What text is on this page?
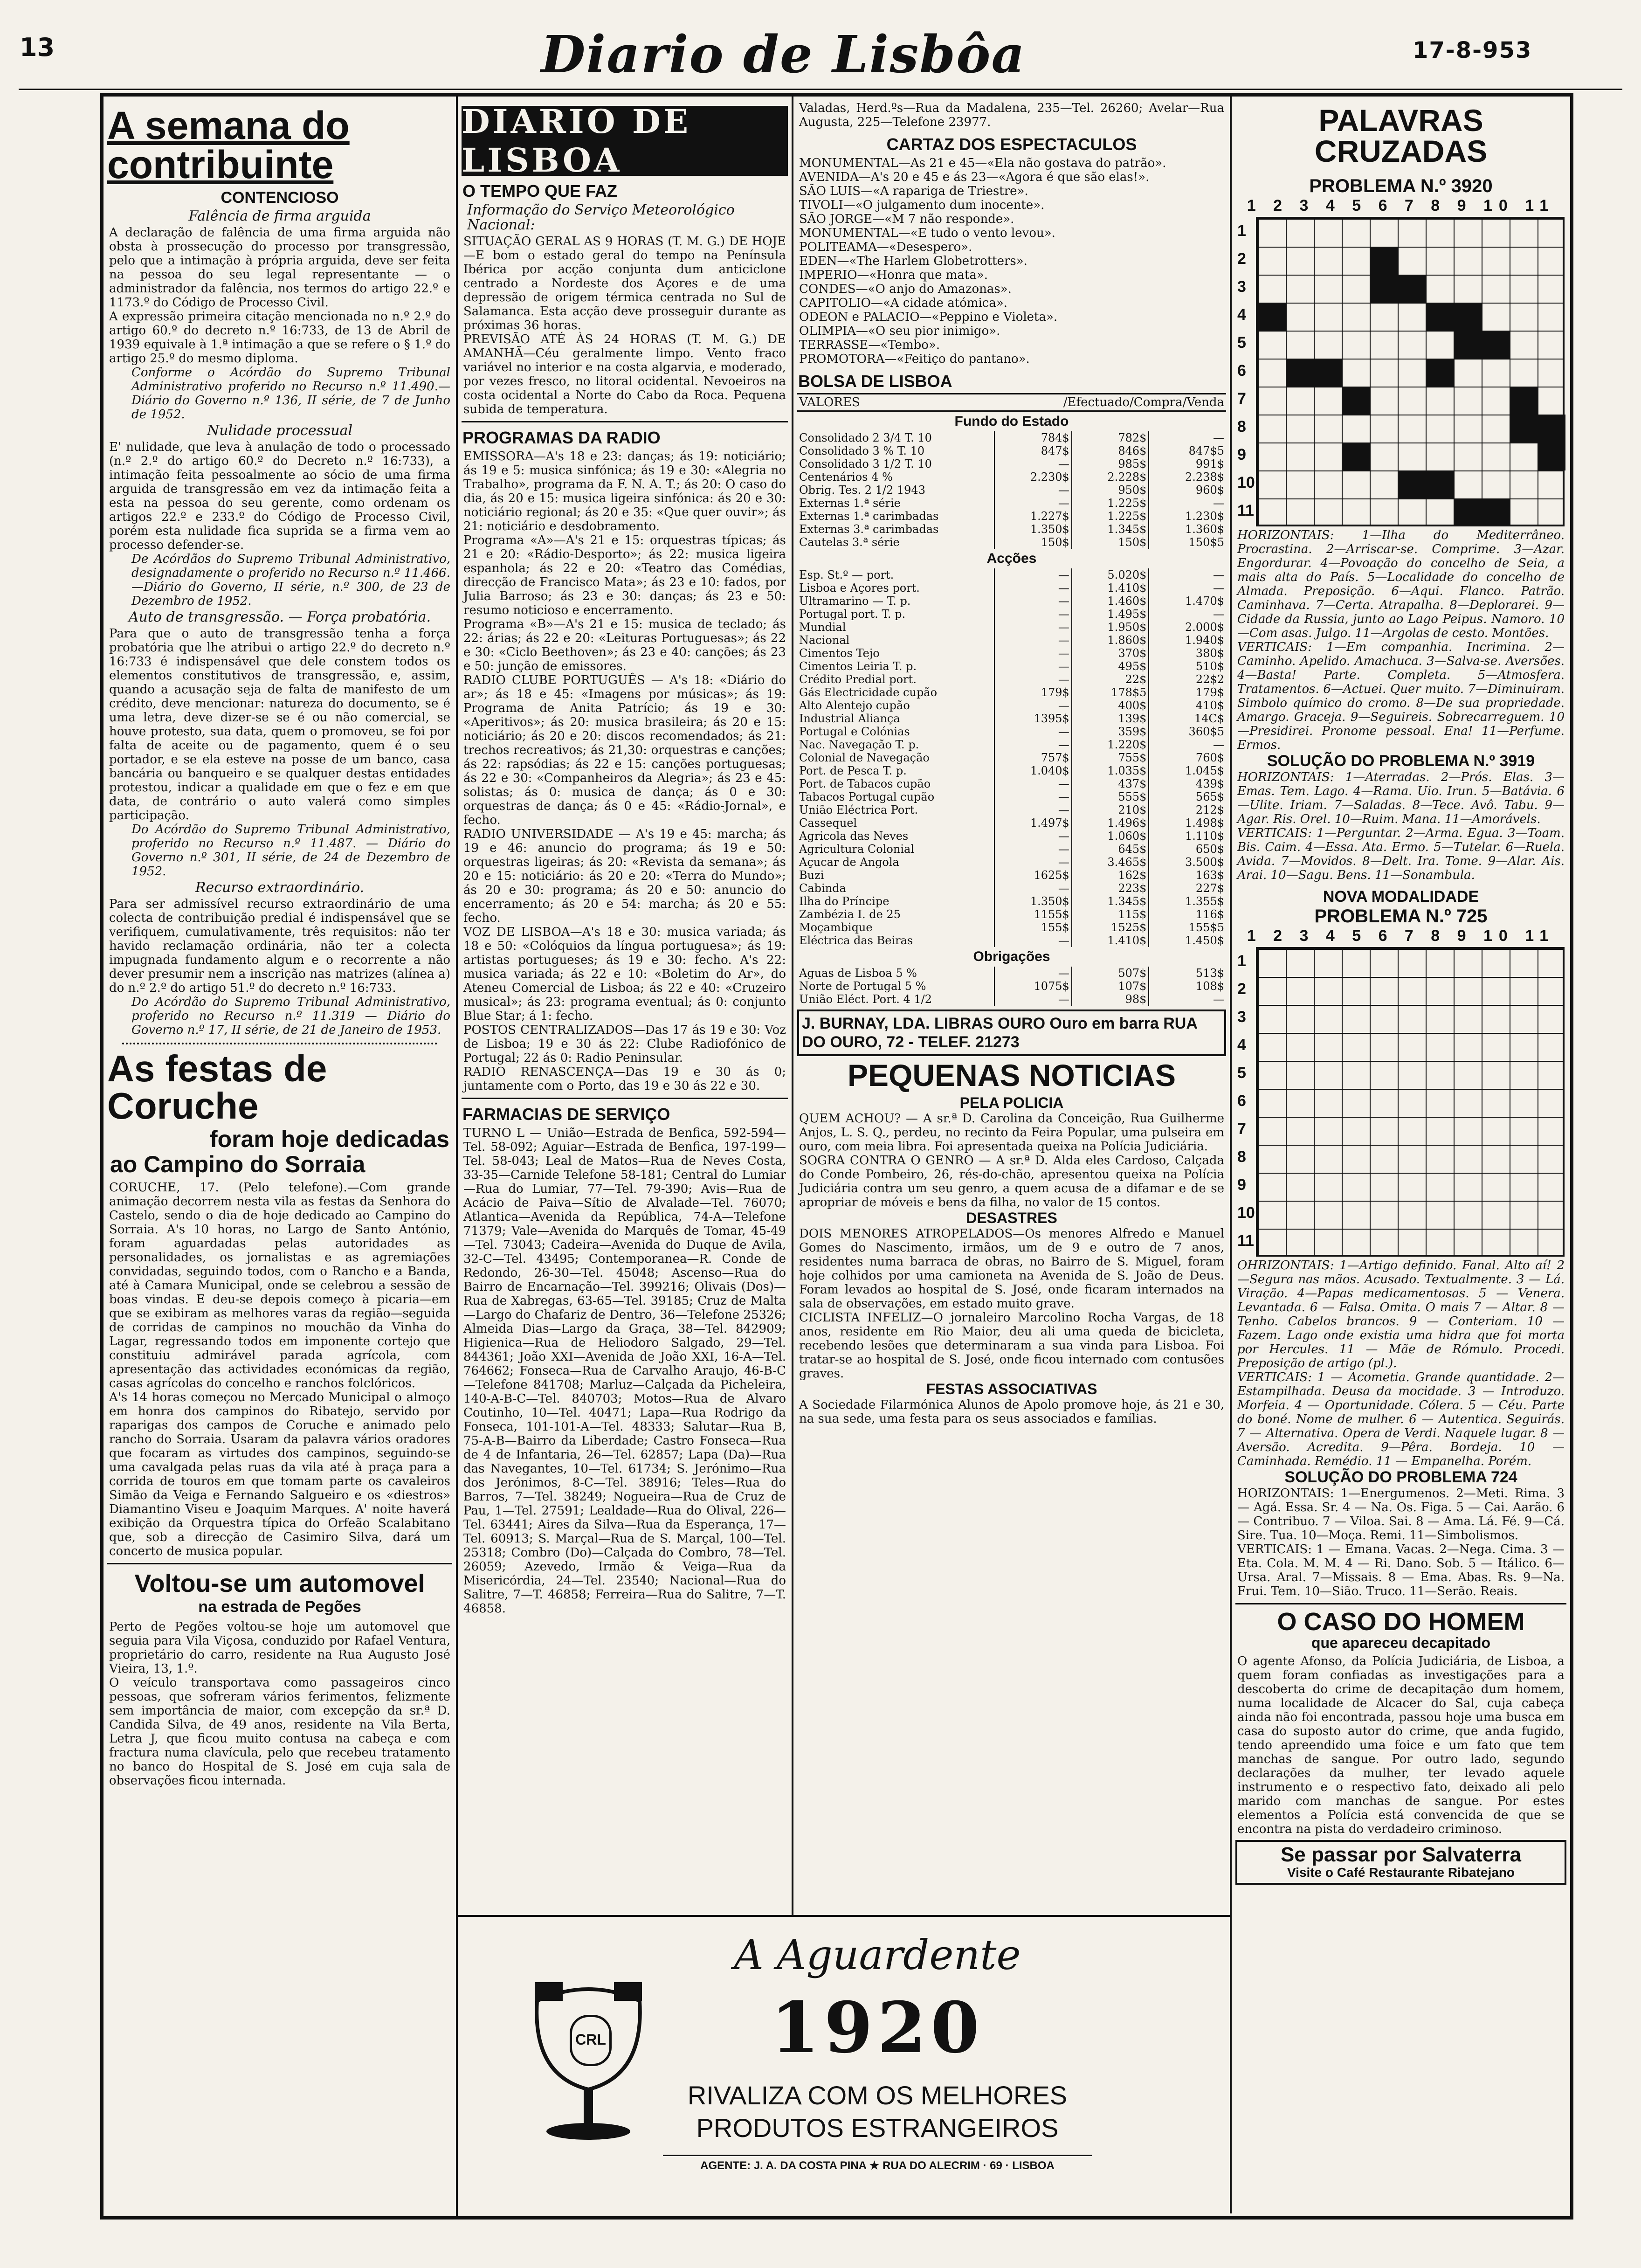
13	Diario de Lisbôa	17-8-953
A semana do contribuinte
CONTENCIOSO
Falência de firma arguida

A declaração de falência de uma firma arguida não obsta à prossecução do processo por transgressão, pelo que a intimação à própria arguida, deve ser feita na pessoa do seu legal representante — o administrador da falência, nos termos do artigo 22.º e 1173.º do Código de Processo Civil.

A expressão primeira citação mencionada no n.º 2.º do artigo 60.º do decreto n.º 16:733, de 13 de Abril de 1939 equivale à 1.ª intimação a que se refere o § 1.º do artigo 25.º do mesmo diploma.

Conforme o Acórdão do Supremo Tribunal Administrativo proferido no Recurso n.º 11.490.—Diário do Governo n.º 136, II série, de 7 de Junho de 1952.

Nulidade processual

E' nulidade, que leva à anulação de todo o processado (n.º 2.º do artigo 60.º do Decreto n.º 16:733), a intimação feita pessoalmente ao sócio de uma firma arguida de transgressão em vez da intimação feita a esta na pessoa do seu gerente, como ordenam os artigos 22.º e 233.º do Código de Processo Civil, porém esta nulidade fica suprida se a firma vem ao processo defender-se.

De Acórdãos do Supremo Tribunal Administrativo, designadamente o proferido no Recurso n.º 11.466.—Diário do Governo, II série, n.º 300, de 23 de Dezembro de 1952.

Auto de transgressão. — Força probatória.

Para que o auto de transgressão tenha a força probatória que lhe atribui o artigo 22.º do decreto n.º 16:733 é indispensável que dele constem todos os elementos constitutivos de transgressão, e, assim, quando a acusação seja de falta de manifesto de um crédito, deve mencionar: natureza do documento, se é uma letra, deve dizer-se se é ou não comercial, se houve protesto, sua data, quem o promoveu, se foi por falta de aceite ou de pagamento, quem é o seu portador, e se ela esteve na posse de um banco, casa bancária ou banqueiro e se qualquer destas entidades protestou, indicar a qualidade em que o fez e em que data, de contrário o auto valerá como simples participação.

Do Acórdão do Supremo Tribunal Administrativo, proferido no Recurso n.º 11.487. — Diário do Governo n.º 301, II série, de 24 de Dezembro de 1952.

Recurso extraordinário.

Para ser admissível recurso extraordinário de uma colecta de contribuição predial é indispensável que se verifiquem, cumulativamente, três requisitos: não ter havido reclamação ordinária, não ter a colecta impugnada fundamento algum e o recorrente a não dever presumir nem a inscrição nas matrizes (alínea a) do n.º 2.º do artigo 51.º do decreto n.º 16:733.

Do Acórdão do Supremo Tribunal Administrativo, proferido no Recurso n.º 11.319 — Diário do Governo n.º 17, II série, de 21 de Janeiro de 1953.

As festas de Coruche
foram hoje dedicadas
ao Campino do Sorraia

CORUCHE, 17. (Pelo telefone).—Com grande animação decorrem nesta vila as festas da Senhora do Castelo, sendo o dia de hoje dedicado ao Campino do Sorraia. A's 10 horas, no Largo de Santo António, foram aguardadas pelas autoridades as personalidades, os jornalistas e as agremiações convidadas, seguindo todos, com o Rancho e a Banda, até à Camara Municipal, onde se celebrou a sessão de boas vindas. E deu-se depois começo à picaria—em que se exibiram as melhores varas da região—seguida de corridas de campinos no mouchão da Vinha do Lagar, regressando todos em imponente cortejo que constituiu admirável parada agrícola, com apresentação das actividades económicas da região, casas agrícolas do concelho e ranchos folclóricos.

A's 14 horas começou no Mercado Municipal o almoço em honra dos campinos do Ribatejo, servido por raparigas dos campos de Coruche e animado pelo rancho do Sorraia. Usaram da palavra vários oradores que focaram as virtudes dos campinos, seguindo-se uma cavalgada pelas ruas da vila até à praça para a corrida de touros em que tomam parte os cavaleiros Simão da Veiga e Fernando Salgueiro e os «diestros» Diamantino Viseu e Joaquim Marques. A' noite haverá exibição da Orquestra típica do Orfeão Scalabitano que, sob a direcção de Casimiro Silva, dará um concerto de musica popular.

Voltou-se um automovel
na estrada de Pegões

Perto de Pegões voltou-se hoje um automovel que seguia para Vila Viçosa, conduzido por Rafael Ventura, proprietário do carro, residente na Rua Augusto José Vieira, 13, 1.º.

O veículo transportava como passageiros cinco pessoas, que sofreram vários ferimentos, felizmente sem importância de maior, com excepção da sr.ª D. Candida Silva, de 49 anos, residente na Vila Berta, Letra J, que ficou muito contusa na cabeça e com fractura numa clavícula, pelo que recebeu tratamento no banco do Hospital de S. José em cuja sala de observações ficou internada.

DIARIO DE LISBOA
O TEMPO QUE FAZ
Informação do Serviço Meteorológico Nacional:

SITUAÇÃO GERAL AS 9 HORAS (T. M. G.) DE HOJE—E bom o estado geral do tempo na Península Ibérica por acção conjunta dum anticiclone centrado a Nordeste dos Açores e de uma depressão de origem térmica centrada no Sul de Salamanca. Esta acção deve prosseguir durante as próximas 36 horas.

PREVISÃO ATÉ ÀS 24 HORAS (T. M. G.) DE AMANHÃ—Céu geralmente limpo. Vento fraco variável no interior e na costa algarvia, e moderado, por vezes fresco, no litoral ocidental. Nevoeiros na costa ocidental a Norte do Cabo da Roca. Pequena subida de temperatura.

PROGRAMAS DA RADIO

EMISSORA—A's 18 e 23: danças; ás 19: noticiário; ás 19 e 5: musica sinfónica; ás 19 e 30: «Alegria no Trabalho», programa da F. N. A. T.; ás 20: O caso do dia, ás 20 e 15: musica ligeira sinfónica: ás 20 e 30: noticiário regional; ás 20 e 35: «Que quer ouvir»; ás 21: noticiário e desdobramento.

Programa «A»—A's 21 e 15: orquestras típicas; ás 21 e 20: «Rádio-Desporto»; ás 22: musica ligeira espanhola; ás 22 e 20: «Teatro das Comédias, direcção de Francisco Mata»; ás 23 e 10: fados, por Julia Barroso; ás 23 e 30: danças; ás 23 e 50: resumo noticioso e encerramento.

Programa «B»—A's 21 e 15: musica de teclado; ás 22: árias; ás 22 e 20: «Leituras Portuguesas»; ás 22 e 30: «Ciclo Beethoven»; ás 23 e 40: canções; ás 23 e 50: junção de emissores.

RADIO CLUBE PORTUGUÊS — A's 18: «Diário do ar»; ás 18 e 45: «Imagens por músicas»; ás 19: Programa de Anita Patrício; ás 19 e 30: «Aperitivos»; ás 20: musica brasileira; ás 20 e 15: noticiário; ás 20 e 20: discos recomendados; ás 21: trechos recreativos; ás 21,30: orquestras e canções; ás 22: rapsódias; ás 22 e 15: canções portuguesas; ás 22 e 30: «Companheiros da Alegria»; ás 23 e 45: solistas; ás 0: musica de dança; ás 0 e 30: orquestras de dança; ás 0 e 45: «Rádio-Jornal», e fecho.

RADIO UNIVERSIDADE — A's 19 e 45: marcha; ás 19 e 46: anuncio do programa; ás 19 e 50: orquestras ligeiras; ás 20: «Revista da semana»; ás 20 e 15: noticiário: ás 20 e 20: «Terra do Mundo»; ás 20 e 30: programa; ás 20 e 50: anuncio do encerramento; ás 20 e 54: marcha; ás 20 e 55: fecho.

VOZ DE LISBOA—A's 18 e 30: musica variada; ás 18 e 50: «Colóquios da língua portuguesa»; ás 19: artistas portugueses; ás 19 e 30: fecho. A's 22: musica variada; ás 22 e 10: «Boletim do Ar», do Ateneu Comercial de Lisboa; ás 22 e 40: «Cruzeiro musical»; ás 23: programa eventual; ás 0: conjunto Blue Star; á 1: fecho.

POSTOS CENTRALIZADOS—Das 17 ás 19 e 30: Voz de Lisboa; 19 e 30 ás 22: Clube Radiofónico de Portugal; 22 ás 0: Radio Peninsular.

RADIO RENASCENÇA—Das 19 e 30 ás 0; juntamente com o Porto, das 19 e 30 ás 22 e 30.

FARMACIAS DE SERVIÇO

TURNO L — União—Estrada de Benfica, 592-594—Tel. 58-092; Aguiar—Estrada de Benfica, 197-199—Tel. 58-043; Leal de Matos—Rua de Neves Costa, 33-35—Carnide Telefone 58-181; Central do Lumiar—Rua do Lumiar, 77—Tel. 79-390; Avis—Rua de Acácio de Paiva—Sítio de Alvalade—Tel. 76070; Atlantica—Avenida da República, 74-A—Telefone 71379; Vale—Avenida do Marquês de Tomar, 45-49—Tel. 73043; Cadeira—Avenida do Duque de Avila, 32-C—Tel. 43495; Contemporanea—R. Conde de Redondo, 26-30—Tel. 45048; Ascenso—Rua do Bairro de Encarnação—Tel. 399216; Olivais (Dos)—Rua de Xabregas, 63-65—Tel. 39185; Cruz de Malta—Largo do Chafariz de Dentro, 36—Telefone 25326; Almeida Dias—Largo da Graça, 38—Tel. 842909; Higienica—Rua de Heliodoro Salgado, 29—Tel. 844361; João XXI—Avenida de João XXI, 16-A—Tel. 764662; Fonseca—Rua de Carvalho Araujo, 46-B-C—Telefone 841708; Marluz—Calçada da Picheleira, 140-A-B-C—Tel. 840703; Motos—Rua de Alvaro Coutinho, 10—Tel. 40471; Lapa—Rua Rodrigo da Fonseca, 101-101-A—Tel. 48333; Salutar—Rua B, 75-A-B—Bairro da Liberdade; Castro Fonseca—Rua de 4 de Infantaria, 26—Tel. 62857; Lapa (Da)—Rua das Navegantes, 10—Tel. 61734; S. Jerónimo—Rua dos Jerónimos, 8-C—Tel. 38916; Teles—Rua do Barros, 7—Tel. 38249; Nogueira—Rua de Cruz de Pau, 1—Tel. 27591; Lealdade—Rua do Olival, 226—Tel. 63441; Aires da Silva—Rua da Esperança, 17—Tel. 60913; S. Marçal—Rua de S. Marçal, 100—Tel. 25318; Combro (Do)—Calçada do Combro, 78—Tel. 26059; Azevedo, Irmão & Veiga—Rua da Misericórdia, 24—Tel. 23540; Nacional—Rua do Salitre, 7—T. 46858; Ferreira—Rua do Salitre, 7—T. 46858.

Valadas, Herd.ºs—Rua da Madalena, 235—Tel. 26260; Avelar—Rua Augusta, 225—Telefone 23977.

CARTAZ DOS ESPECTACULOS
MONUMENTAL—As 21 e 45—«Ela não gostava do patrão».
AVENIDA—A's 20 e 45 e ás 23—«Agora é que são elas!».
SÃO LUIS—«A rapariga de Triestre».
TIVOLI—«O julgamento dum inocente».
SÃO JORGE—«M 7 não responde».
MONUMENTAL—«E tudo o vento levou».
POLITEAMA—«Desespero».
EDEN—«The Harlem Globetrotters».
IMPERIO—«Honra que mata».
CONDES—«O anjo do Amazonas».
CAPITOLIO—«A cidade atómica».
ODEON e PALACIO—«Peppino e Violeta».
OLIMPIA—«O seu pior inimigo».
TERRASSE—«Tembo».
PROMOTORA—«Feitiço do pantano».
BOLSA DE LISBOA
VALORES	/Efectuado/Compra/Venda
Fundo do Estado
Consolidado 2 3/4 T. 10	784$	782$	—
Consolidado 3 % T. 10	847$	846$	847$5
Consolidado 3 1/2 T. 10	—	985$	991$
Centenários 4 %	2.230$	2.228$	2.238$
Obrig. Tes. 2 1/2 1943	—	950$	960$
Externas 1.ª série	—	1.225$	—
Externas 1.ª carimbadas	1.227$	1.225$	1.230$
Externas 3.ª carimbadas	1.350$	1.345$	1.360$
Cautelas 3.ª série	150$	150$	150$5
Acções
Esp. St.º — port.	—	5.020$	—
Lisboa e Açores port.	—	1.410$	—
Ultramarino — T. p.	—	1.460$	1.470$
Portugal port. T. p.	—	1.495$	—
Mundial	—	1.950$	2.000$
Nacional	—	1.860$	1.940$
Cimentos Tejo	—	370$	380$
Cimentos Leiria T. p.	—	495$	510$
Crédito Predial port.	—	22$	22$2
Gás Electricidade cupão	179$	178$5	179$
Alto Alentejo cupão	—	400$	410$
Industrial Aliança	1395$	139$	14C$
Portugal e Colónias	—	359$	360$5
Nac. Navegação T. p.	—	1.220$	—
Colonial de Navegação	757$	755$	760$
Port. de Pesca T. p.	1.040$	1.035$	1.045$
Port. de Tabacos cupão	—	437$	439$
Tabacos Portugal cupão	—	555$	565$
União Eléctrica Port.	—	210$	212$
Cassequel	1.497$	1.496$	1.498$
Agricola das Neves	—	1.060$	1.110$
Agricultura Colonial	—	645$	650$
Açucar de Angola	—	3.465$	3.500$
Buzi	1625$	162$	163$
Cabinda	—	223$	227$
Ilha do Príncipe	1.350$	1.345$	1.355$
Zambézia I. de 25	1155$	115$	116$
Moçambique	155$	1525$	155$5
Eléctrica das Beiras	—	1.410$	1.450$
Obrigações
Aguas de Lisboa 5 %	—	507$	513$
Norte de Portugal 5 %	1075$	107$	108$
União Eléct. Port. 4 1/2	—	98$	—
J. BURNAY, LDA. LIBRAS OURO Ouro em barra RUA DO OURO, 72 - TELEF. 21273
PEQUENAS NOTICIAS
PELA POLICIA

QUEM ACHOU? — A sr.ª D. Carolina da Conceição, Rua Guilherme Anjos, L. S. Q., perdeu, no recinto da Feira Popular, uma pulseira em ouro, com meia libra. Foi apresentada queixa na Polícia Judiciária.

SOGRA CONTRA O GENRO — A sr.ª D. Alda eles Cardoso, Calçada do Conde Pombeiro, 26, rés-do-chão, apresentou queixa na Polícia Judiciária contra um seu genro, a quem acusa de a difamar e de se apropriar de móveis e bens da filha, no valor de 15 contos.

DESASTRES

DOIS MENORES ATROPELADOS—Os menores Alfredo e Manuel Gomes do Nascimento, irmãos, um de 9 e outro de 7 anos, residentes numa barraca de obras, no Bairro de S. Miguel, foram hoje colhidos por uma camioneta na Avenida de S. João de Deus. Foram levados ao hospital de S. José, onde ficaram internados na sala de observações, em estado muito grave.

CICLISTA INFELIZ—O jornaleiro Marcolino Rocha Vargas, de 18 anos, residente em Rio Maior, deu ali uma queda de bicicleta, recebendo lesões que determinaram a sua vinda para Lisboa. Foi tratar-se ao hospital de S. José, onde ficou internado com contusões graves.

FESTAS ASSOCIATIVAS

A Sociedade Filarmónica Alunos de Apolo promove hoje, ás 21 e 30, na sua sede, uma festa para os seus associados e famílias.

PALAVRAS CRUZADAS
PROBLEMA N.º 3920
1 2 3 4 5 6 7 8 9 10 11
1
2
3
4
5
6
7
8
9
10
11

HORIZONTAIS: 1—Ilha do Mediterrâneo. Procrastina. 2—Arriscar-se. Comprime. 3—Azar. Engordurar. 4—Povoação do concelho de Seia, a mais alta do País. 5—Localidade do concelho de Almada. Preposição. 6—Aqui. Flanco. Patrão. Caminhava. 7—Certa. Atrapalha. 8—Deplorarei. 9—Cidade da Russia, junto ao Lago Peipus. Namoro. 10—Com asas. Julgo. 11—Argolas de cesto. Montões.

VERTICAIS: 1—Em companhia. Incrimina. 2—Caminho. Apelido. Amachuca. 3—Salva-se. Aversões. 4—Basta! Parte. Completa. 5—Atmosfera. Tratamentos. 6—Actuei. Quer muito. 7—Diminuiram. Simbolo químico do cromo. 8—De sua propriedade. Amargo. Graceja. 9—Seguireis. Sobrecarreguem. 10—Presidirei. Pronome pessoal. Ena! 11—Perfume. Ermos.

SOLUÇÃO DO PROBLEMA N.º 3919

HORIZONTAIS: 1—Aterradas. 2—Prós. Elas. 3—Emas. Tem. Lago. 4—Rama. Uio. Irun. 5—Batávia. 6—Ulite. Iriam. 7—Saladas. 8—Tece. Avô. Tabu. 9—Agar. Ris. Orel. 10—Ruim. Mana. 11—Amorávels.

VERTICAIS: 1—Perguntar. 2—Arma. Egua. 3—Toam. Bis. Caim. 4—Essa. Ata. Ermo. 5—Tutelar. 6—Ruela. Avida. 7—Movidos. 8—Delt. Ira. Tome. 9—Alar. Ais. Arai. 10—Sagu. Bens. 11—Sonambula.

NOVA MODALIDADE
PROBLEMA N.º 725
1 2 3 4 5 6 7 8 9 10 11
1
2
3
4
5
6
7
8
9
10
11

OHRIZONTAIS: 1—Artigo definido. Fanal. Alto aí! 2—Segura nas mãos. Acusado. Textualmente. 3 — Lá. Viração. 4—Papas medicamentosas. 5 — Venera. Levantada. 6 — Falsa. Omita. O mais 7 — Altar. 8 — Tenho. Cabelos brancos. 9 — Conteriam. 10 — Fazem. Lago onde existia uma hidra que foi morta por Hercules. 11 — Mãe de Rómulo. Procedi. Preposição de artigo (pl.).

VERTICAIS: 1 — Acometia. Grande quantidade. 2—Estampilhada. Deusa da mocidade. 3 — Introduzo. Morfeia. 4 — Oportunidade. Cólera. 5 — Céu. Parte do boné. Nome de mulher. 6 — Autentica. Seguirás. 7 — Alternativa. Opera de Verdi. Naquele lugar. 8 — Aversão. Acredita. 9—Pêra. Bordeja. 10 — Caminhada. Remédio. 11 — Empanelha. Porém.

SOLUÇÃO DO PROBLEMA 724

HORIZONTAIS: 1—Energumenos. 2—Meti. Rima. 3 — Agá. Essa. Sr. 4 — Na. Os. Figa. 5 — Cai. Aarão. 6 — Contribuo. 7 — Viloa. Sai. 8 — Ama. Lá. Fé. 9—Cá. Sire. Tua. 10—Moça. Remi. 11—Simbolismos.

VERTICAIS: 1 — Emana. Vacas. 2—Nega. Cima. 3 — Eta. Cola. M. M. 4 — Ri. Dano. Sob. 5 — Itálico. 6—Ursa. Aral. 7—Missais. 8 — Ema. Abas. Rs. 9—Na. Frui. Tem. 10—Sião. Truco. 11—Serão. Reais.

O CASO DO HOMEM
que apareceu decapitado

O agente Afonso, da Polícia Judiciária, de Lisboa, a quem foram confiadas as investigações para a descoberta do crime de decapitação dum homem, numa localidade de Alcacer do Sal, cuja cabeça ainda não foi encontrada, passou hoje uma busca em casa do suposto autor do crime, que anda fugido, tendo apreendido uma foice e um fato que tem manchas de sangue. Por outro lado, segundo declarações da mulher, ter levado aquele instrumento e o respectivo fato, deixado ali pelo marido com manchas de sangue. Por estes elementos a Polícia está convencida de que se encontra na pista do verdadeiro criminoso.

Se passar por Salvaterra
Visite o Café Restaurante Ribatejano
CRL
A Aguardente
1920
RIVALIZA COM OS MELHORES
PRODUTOS ESTRANGEIROS
AGENTE: J. A. DA COSTA PINA ★ RUA DO ALECRIM · 69 · LISBOA
